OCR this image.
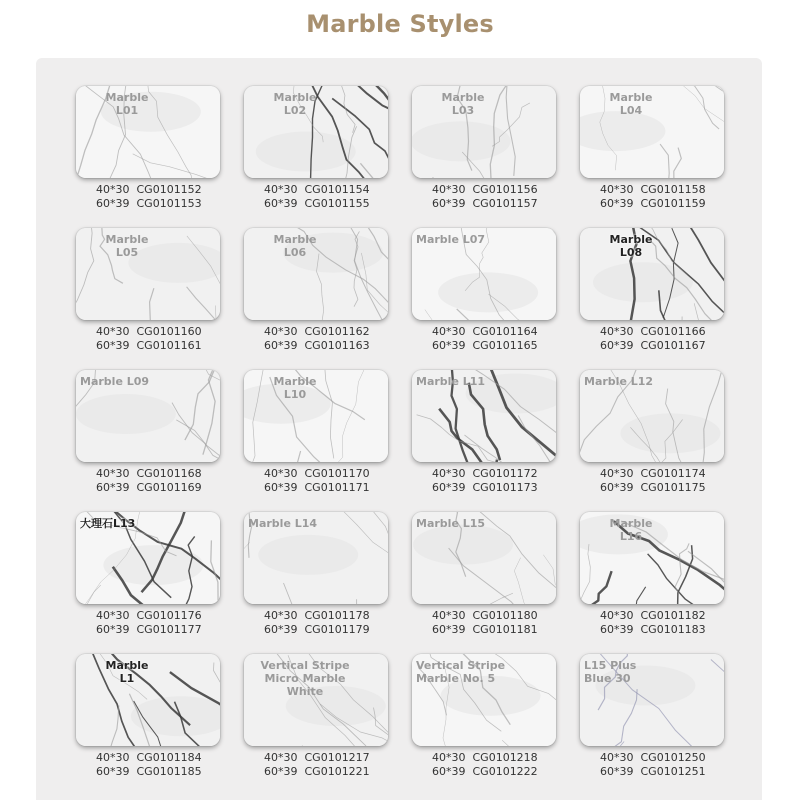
Marble Styles
Marble
L01
40*30  CG0101152
60*39  CG0101153
Marble
L02
40*30  CG0101154
60*39  CG0101155
Marble
L03
40*30  CG0101156
60*39  CG0101157
Marble
L04
40*30  CG0101158
60*39  CG0101159
Marble
L05
40*30  CG0101160
60*39  CG0101161
Marble
L06
40*30  CG0101162
60*39  CG0101163
Marble L07
40*30  CG0101164
60*39  CG0101165
Marble
L08
40*30  CG0101166
60*39  CG0101167
Marble L09
40*30  CG0101168
60*39  CG0101169
Marble
L10
40*30  CG0101170
60*39  CG0101171
Marble L11
40*30  CG0101172
60*39  CG0101173
Marble L12
40*30  CG0101174
60*39  CG0101175
大理石L13
40*30  CG0101176
60*39  CG0101177
Marble L14
40*30  CG0101178
60*39  CG0101179
Marble L15
40*30  CG0101180
60*39  CG0101181
Marble
L16
40*30  CG0101182
60*39  CG0101183
Marble
L1
40*30  CG0101184
60*39  CG0101185
Vertical Stripe
Micro Marble
White
40*30  CG0101217
60*39  CG0101221
Vertical Stripe
Marble No. 5
40*30  CG0101218
60*39  CG0101222
L15 Plus
Blue 30
40*30  CG0101250
60*39  CG0101251
